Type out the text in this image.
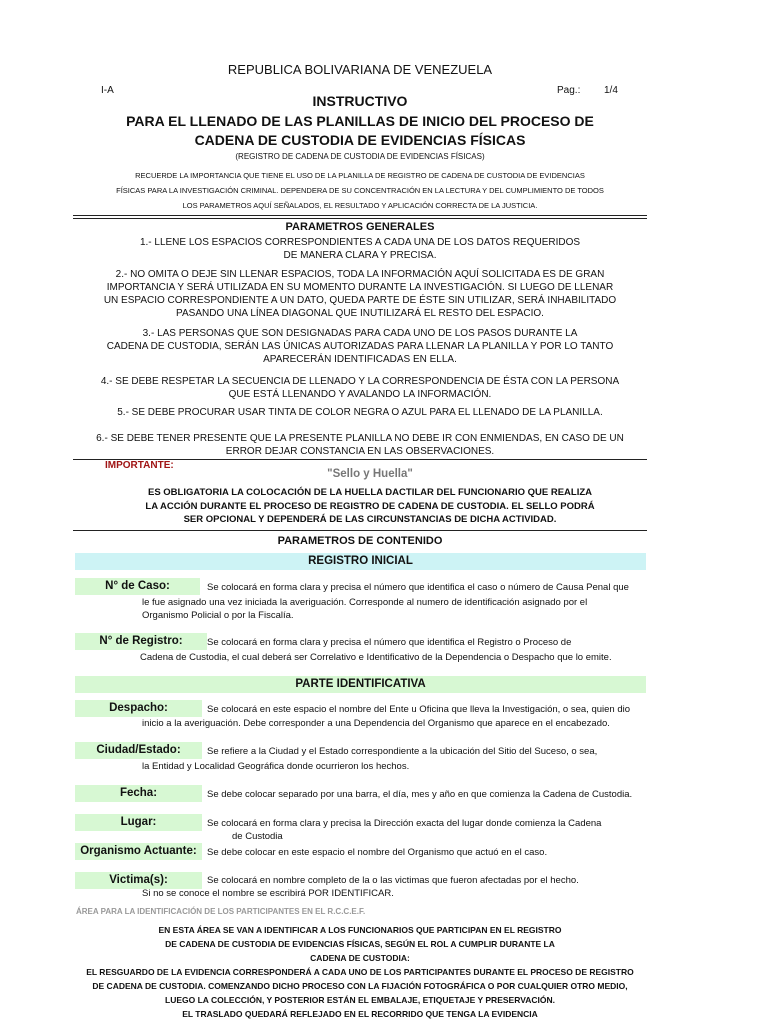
REPUBLICA BOLIVARIANA DE VENEZUELA
I-A	Pag.: 1/4
INSTRUCTIVO
PARA EL LLENADO DE LAS PLANILLAS DE INICIO DEL PROCESO DE
CADENA DE CUSTODIA DE EVIDENCIAS FÍSICAS
(REGISTRO DE CADENA DE CUSTODIA DE EVIDENCIAS FÍSICAS)
RECUERDE LA IMPORTANCIA QUE TIENE EL USO DE LA PLANILLA DE REGISTRO DE CADENA DE CUSTODIA DE EVIDENCIAS
FÍSICAS PARA LA INVESTIGACIÓN CRIMINAL. DEPENDERA DE SU CONCENTRACIÓN EN LA LECTURA Y DEL CUMPLIMIENTO DE TODOS
LOS PARAMETROS AQUÍ SEÑALADOS, EL RESULTADO Y APLICACIÓN CORRECTA DE LA JUSTICIA.
PARAMETROS GENERALES
1.- LLENE LOS ESPACIOS CORRESPONDIENTES A CADA UNA DE LOS DATOS REQUERIDOS
DE MANERA CLARA Y PRECISA.
2.- NO OMITA O DEJE SIN LLENAR ESPACIOS, TODA LA INFORMACIÓN AQUÍ SOLICITADA ES DE GRAN
IMPORTANCIA Y SERÁ UTILIZADA EN SU MOMENTO DURANTE LA INVESTIGACIÓN. SI LUEGO DE LLENAR
UN ESPACIO CORRESPONDIENTE A UN DATO, QUEDA PARTE DE ÉSTE SIN UTILIZAR, SERÁ INHABILITADO
PASANDO UNA LÍNEA DIAGONAL QUE INUTILIZARÁ EL RESTO DEL ESPACIO.
3.- LAS PERSONAS QUE SON DESIGNADAS PARA CADA UNO DE LOS PASOS DURANTE LA
CADENA DE CUSTODIA, SERÁN LAS ÚNICAS AUTORIZADAS PARA LLENAR LA PLANILLA Y POR LO TANTO
APARECERÁN IDENTIFICADAS EN ELLA.
4.- SE DEBE RESPETAR LA SECUENCIA DE LLENADO Y LA CORRESPONDENCIA DE ÉSTA CON LA PERSONA
QUE ESTÁ LLENANDO Y AVALANDO LA INFORMACIÓN.
5.- SE DEBE PROCURAR USAR TINTA DE COLOR NEGRA O AZUL PARA EL LLENADO DE LA PLANILLA.
6.- SE DEBE TENER PRESENTE QUE LA PRESENTE PLANILLA NO DEBE IR CON ENMIENDAS, EN CASO DE UN
ERROR DEJAR CONSTANCIA EN LAS OBSERVACIONES.
IMPORTANTE:
"Sello y Huella"
ES OBLIGATORIA LA COLOCACIÓN DE LA HUELLA DACTILAR DEL FUNCIONARIO QUE REALIZA
LA ACCIÓN DURANTE EL PROCESO DE REGISTRO DE CADENA DE CUSTODIA. EL SELLO PODRÁ
SER OPCIONAL Y DEPENDERÁ DE LAS CIRCUNSTANCIAS DE DICHA ACTIVIDAD.
PARAMETROS DE CONTENIDO
REGISTRO INICIAL
N° de Caso:	Se colocará en forma clara y precisa el número que identifica el caso o número de Causa Penal que
le fue asignado una vez iniciada la averiguación. Corresponde al numero de identificación asignado por el
Organismo Policial o por la Fiscalía.
N° de Registro:	Se colocará en forma clara y precisa el número que identifica el Registro o Proceso de
Cadena de Custodia, el cual deberá ser Correlativo e Identificativo de la Dependencia o Despacho que lo emite.
PARTE IDENTIFICATIVA
Despacho:	Se colocará en este espacio el nombre del Ente u Oficina que lleva la Investigación, o sea, quien dio
inicio a la averiguación. Debe corresponder a una Dependencia del Organismo que aparece en el encabezado.
Ciudad/Estado:	Se refiere a la Ciudad y el Estado correspondiente a la ubicación del Sitio del Suceso, o sea,
la Entidad y Localidad Geográfica donde ocurrieron los hechos.
Fecha:	Se debe colocar separado por una barra, el día, mes y año en que comienza la Cadena de Custodia.
Lugar:	Se colocará en forma clara y precisa la Dirección exacta del lugar donde comienza la Cadena
de Custodia
Organismo Actuante:	Se debe colocar en este espacio el nombre del Organismo que actuó en el caso.
Victima(s):	Se colocará en nombre completo de la o las victimas que fueron afectadas por el hecho.
Si no se conoce el nombre se escribirá POR IDENTIFICAR.
ÁREA PARA LA IDENTIFICACIÓN DE LOS PARTICIPANTES EN EL R.C.C.E.F.
EN ESTA ÁREA SE VAN A IDENTIFICAR A LOS FUNCIONARIOS QUE PARTICIPAN EN EL REGISTRO
DE CADENA DE CUSTODIA DE EVIDENCIAS FÍSICAS, SEGÚN EL ROL A CUMPLIR DURANTE LA
CADENA DE CUSTODIA:
EL RESGUARDO DE LA EVIDENCIA CORRESPONDERÁ A CADA UNO DE LOS PARTICIPANTES DURANTE EL PROCESO DE REGISTRO
DE CADENA DE CUSTODIA. COMENZANDO DICHO PROCESO CON LA FIJACIÓN FOTOGRÁFICA O POR CUALQUIER OTRO MEDIO,
LUEGO LA COLECCIÓN, Y POSTERIOR ESTÁN EL EMBALAJE, ETIQUETAJE Y PRESERVACIÓN.
EL TRASLADO QUEDARÁ REFLEJADO EN EL RECORRIDO QUE TENGA LA EVIDENCIA
